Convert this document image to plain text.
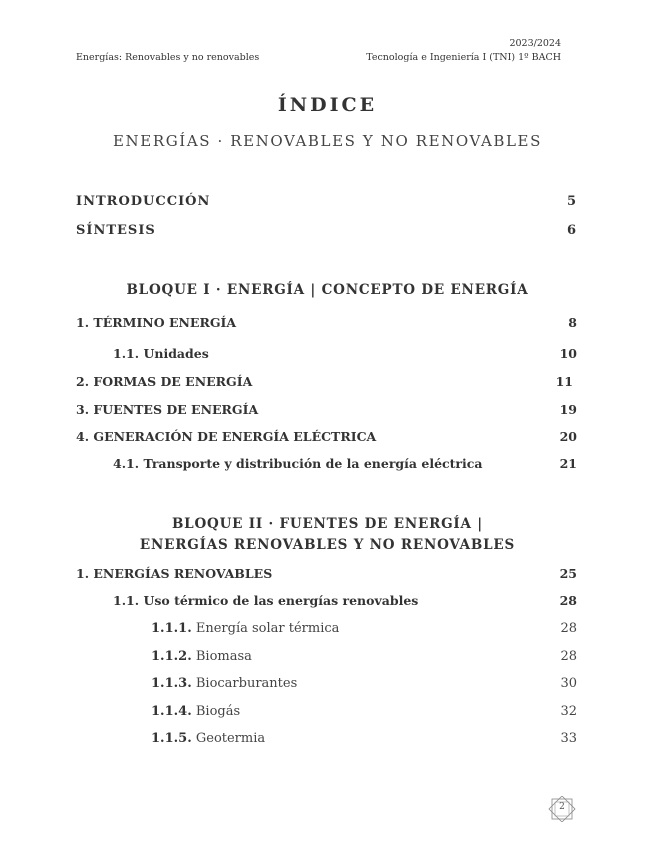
Energías: Renovables y no renovables
2023/2024
Tecnología e Ingeniería I (TNI) 1º BACH
ÍNDICE
ENERGÍAS · RENOVABLES Y NO RENOVABLES
INTRODUCCIÓN	5
SÍNTESIS	6
BLOQUE I · ENERGÍA | CONCEPTO DE ENERGÍA
1. TÉRMINO ENERGÍA	8
1.1. Unidades	10
2. FORMAS DE ENERGÍA	11
3. FUENTES DE ENERGÍA	19
4. GENERACIÓN DE ENERGÍA ELÉCTRICA	20
4.1. Transporte y distribución de la energía eléctrica	21
BLOQUE II · FUENTES DE ENERGÍA |
ENERGÍAS RENOVABLES Y NO RENOVABLES
1. ENERGÍAS RENOVABLES	25
1.1. Uso térmico de las energías renovables	28
1.1.1. Energía solar térmica	28
1.1.2. Biomasa	28
1.1.3. Biocarburantes	30
1.1.4. Biogás	32
1.1.5. Geotermia	33
2
